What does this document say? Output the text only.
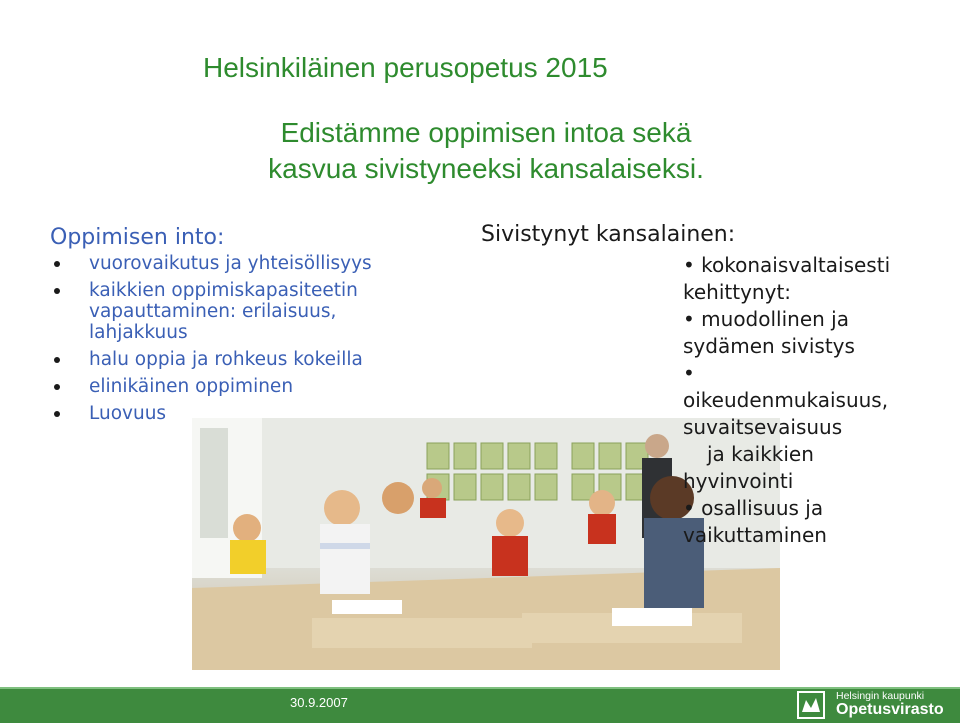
Helsinkiläinen perusopetus 2015
Edistämme oppimisen intoa sekä
kasvua sivistyneeksi kansalaiseksi.
Oppimisen into:
vuorovaikutus ja yhteisöllisyys
kaikkien oppimiskapasiteetin vapauttaminen: erilaisuus, lahjakkuus
halu oppia ja rohkeus kokeilla
elinikäinen oppiminen
Luovuus
Sivistynyt kansalainen:
• kokonaisvaltaisesti
kehittynyt:
• muodollinen ja
sydämen sivistys
•
oikeudenmukaisuus,
suvaitsevaisuus
ja kaikkien
hyvinvointi
• osallisuus ja
vaikuttaminen
30.9.2007	Helsingin kaupunki
Opetusvirasto
